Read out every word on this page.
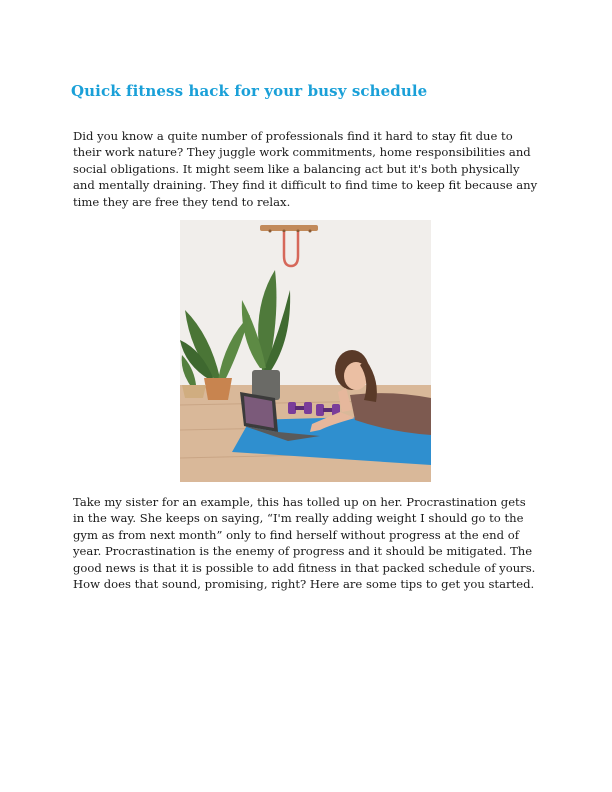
Quick fitness hack for your busy schedule

Did you know a quite number of professionals find it hard to stay fit due to their work nature? They juggle work commitments, home responsibilities and social obligations. It might seem like a balancing act but it's both physically and mentally draining. They find it difficult to find time to keep fit because any time they are free they tend to relax.

Take my sister for an example, this has tolled up on her. Procrastination gets in the way. She keeps on saying, “I'm really adding weight I should go to the gym as from next month” only to find herself without progress at the end of year. Procrastination is the enemy of progress and it should be mitigated. The good news is that it is possible to add fitness in that packed schedule of yours. How does that sound, promising, right? Here are some tips to get you started.
